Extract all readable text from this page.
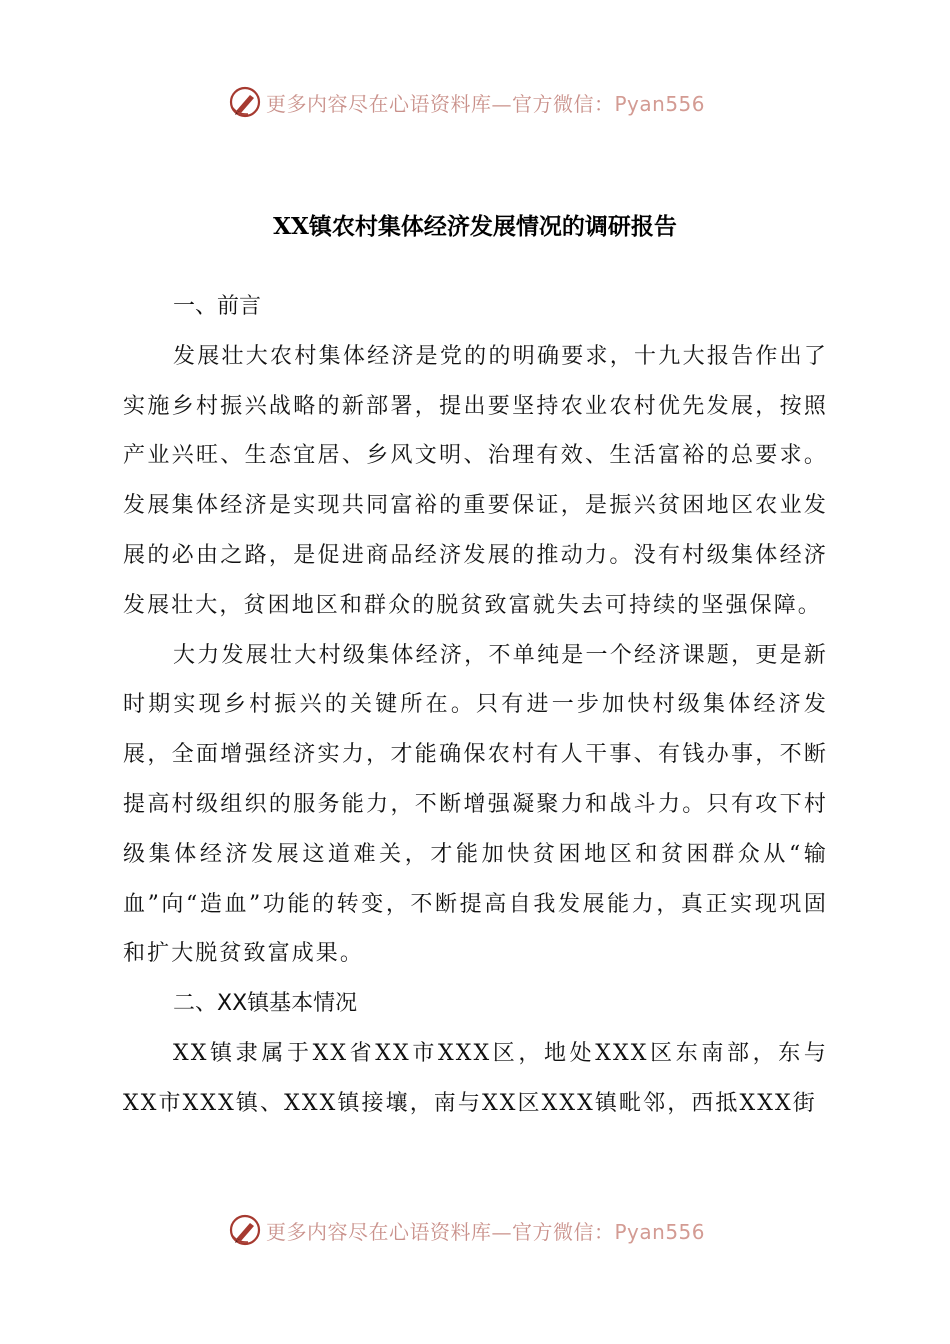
更多内容尽在心语资料库—官方微信：Pyan556
XX镇农村集体经济发展情况的调研报告

一、前言

发展壮大农村集体经济是党的的明确要求，十九大报告作出了实施乡村振兴战略的新部署，提出要坚持农业农村优先发展，按照产业兴旺、生态宜居、乡风文明、治理有效、生活富裕的总要求。发展集体经济是实现共同富裕的重要保证，是振兴贫困地区农业发展的必由之路，是促进商品经济发展的推动力。没有村级集体经济发展壮大，贫困地区和群众的脱贫致富就失去可持续的坚强保障。

大力发展壮大村级集体经济，不单纯是一个经济课题，更是新时期实现乡村振兴的关键所在。只有进一步加快村级集体经济发展，全面增强经济实力，才能确保农村有人干事、有钱办事，不断提高村级组织的服务能力，不断增强凝聚力和战斗力。只有攻下村级集体经济发展这道难关，才能加快贫困地区和贫困群众从“输血”向“造血”功能的转变，不断提高自我发展能力，真正实现巩固和扩大脱贫致富成果。

二、XX镇基本情况

XX镇隶属于XX省XX市XXX区，地处XXX区东南部，东与XX市XXX镇、XXX镇接壤，南与XX区XXX镇毗邻，西抵XXX街

更多内容尽在心语资料库—官方微信：Pyan556
